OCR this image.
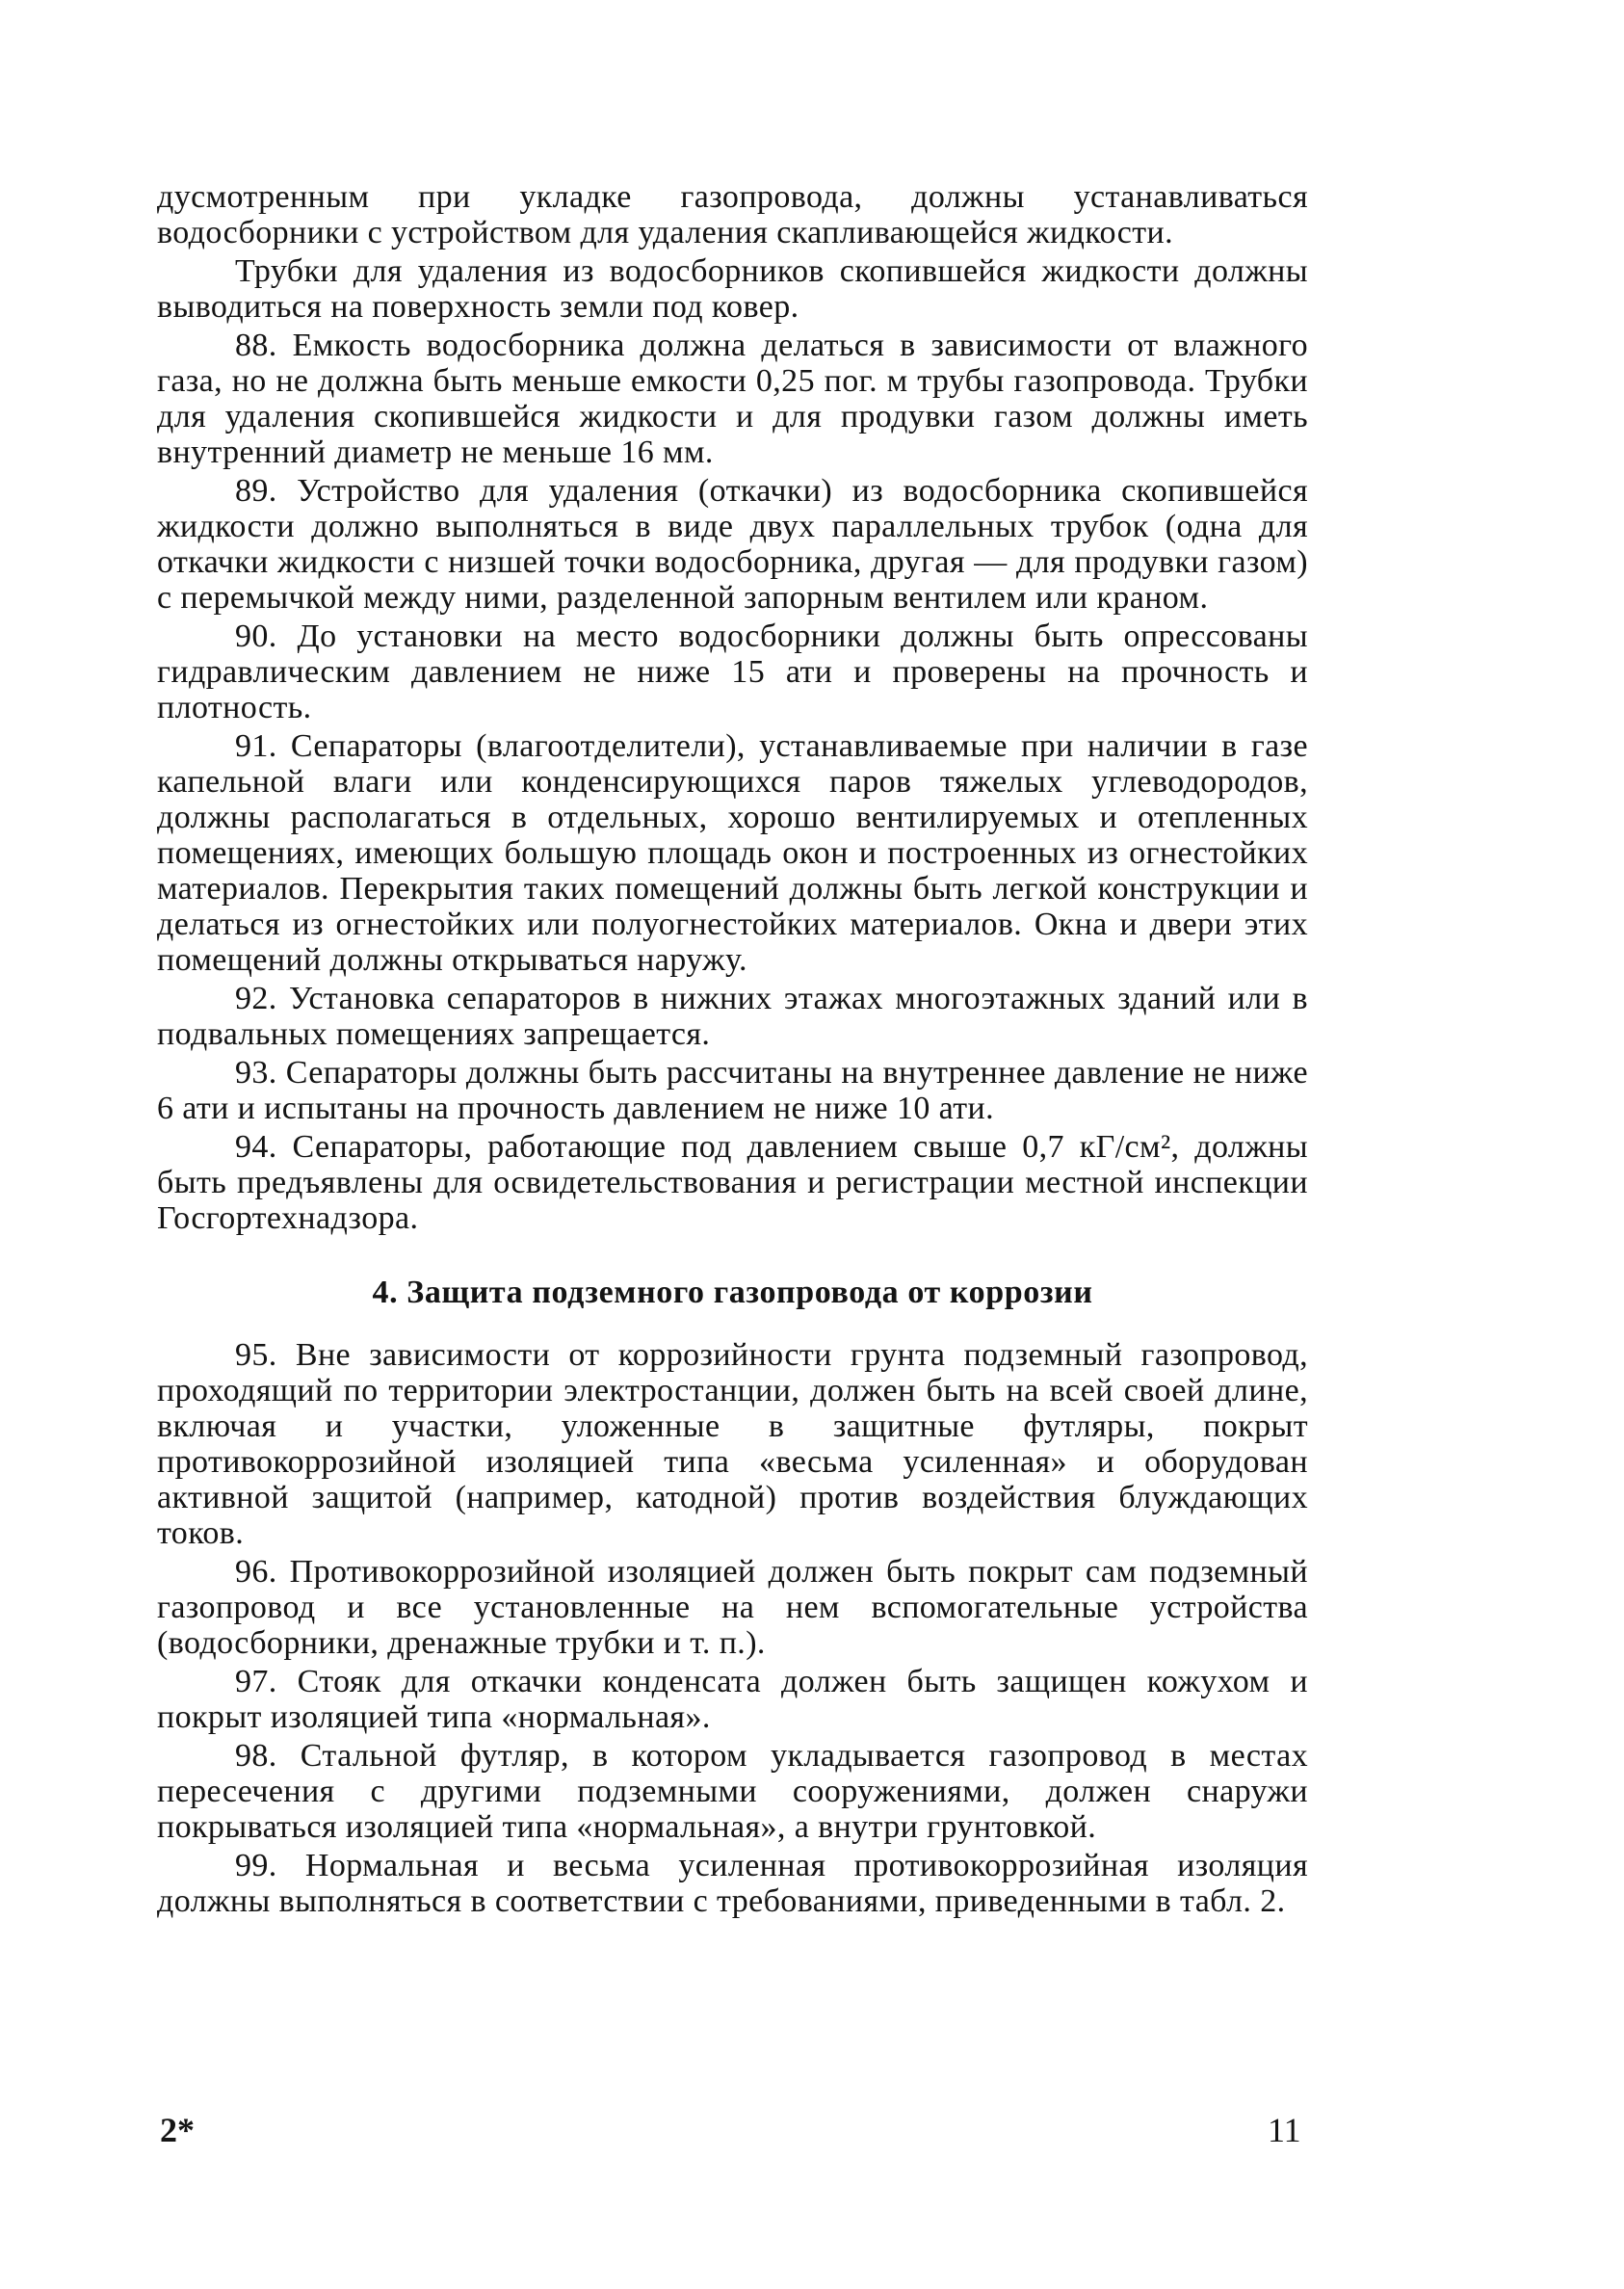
дусмотренным при укладке газопровода, должны устанавливаться водосборники с устройством для удаления скапливающейся жидкости.

Трубки для удаления из водосборников скопившейся жидкости должны выводиться на поверхность земли под ковер.

88. Емкость водосборника должна делаться в зависимости от влажного газа, но не должна быть меньше емкости 0,25 пог. м трубы газопровода. Трубки для удаления скопившейся жидкости и для продувки газом должны иметь внутренний диаметр не меньше 16 мм.

89. Устройство для удаления (откачки) из водосборника скопившейся жидкости должно выполняться в виде двух параллельных трубок (одна для откачки жидкости с низшей точки водосборника, другая — для продувки газом) с перемычкой между ними, разделенной запорным вентилем или краном.

90. До установки на место водосборники должны быть опрессованы гидравлическим давлением не ниже 15 ати и проверены на прочность и плотность.

91. Сепараторы (влагоотделители), устанавливаемые при наличии в газе капельной влаги или конденсирующихся паров тяжелых углеводородов, должны располагаться в отдельных, хорошо вентилируемых и отепленных помещениях, имеющих большую площадь окон и построенных из огнестойких материалов. Перекрытия таких помещений должны быть легкой конструкции и делаться из огнестойких или полуогнестойких материалов. Окна и двери этих помещений должны открываться наружу.

92. Установка сепараторов в нижних этажах многоэтажных зданий или в подвальных помещениях запрещается.

93. Сепараторы должны быть рассчитаны на внутреннее давление не ниже 6 ати и испытаны на прочность давлением не ниже 10 ати.

94. Сепараторы, работающие под давлением свыше 0,7 кГ/см², должны быть предъявлены для освидетельствования и регистрации местной инспекции Госгортехнадзора.

4. Защита подземного газопровода от коррозии

95. Вне зависимости от коррозийности грунта подземный газопровод, проходящий по территории электростанции, должен быть на всей своей длине, включая и участки, уложенные в защитные футляры, покрыт противокоррозийной изоляцией типа «весьма усиленная» и оборудован активной защитой (например, катодной) против воздействия блуждающих токов.

96. Противокоррозийной изоляцией должен быть покрыт сам подземный газопровод и все установленные на нем вспомогательные устройства (водосборники, дренажные трубки и т. п.).

97. Стояк для откачки конденсата должен быть защищен кожухом и покрыт изоляцией типа «нормальная».

98. Стальной футляр, в котором укладывается газопровод в местах пересечения с другими подземными сооружениями, должен снаружи покрываться изоляцией типа «нормальная», а внутри грунтовкой.

99. Нормальная и весьма усиленная противокоррозийная изоляция должны выполняться в соответствии с требованиями, приведенными в табл. 2.

2*	11
